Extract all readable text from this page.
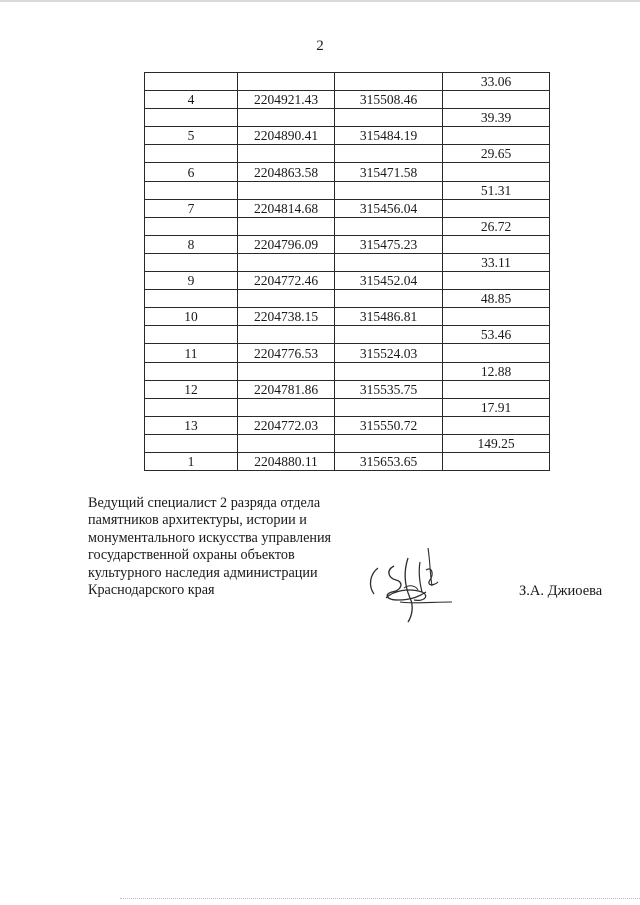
2
			33.06
4	2204921.43	315508.46	
			39.39
5	2204890.41	315484.19	
			29.65
6	2204863.58	315471.58	
			51.31
7	2204814.68	315456.04	
			26.72
8	2204796.09	315475.23	
			33.11
9	2204772.46	315452.04	
			48.85
10	2204738.15	315486.81	
			53.46
11	2204776.53	315524.03	
			12.88
12	2204781.86	315535.75	
			17.91
13	2204772.03	315550.72	
			149.25
1	2204880.11	315653.65	
Ведущий специалист 2 разряда отдела
памятников архитектуры, истории и
монументального искусства управления
государственной охраны объектов
культурного наследия администрации
Краснодарского края	З.А. Джиоева
